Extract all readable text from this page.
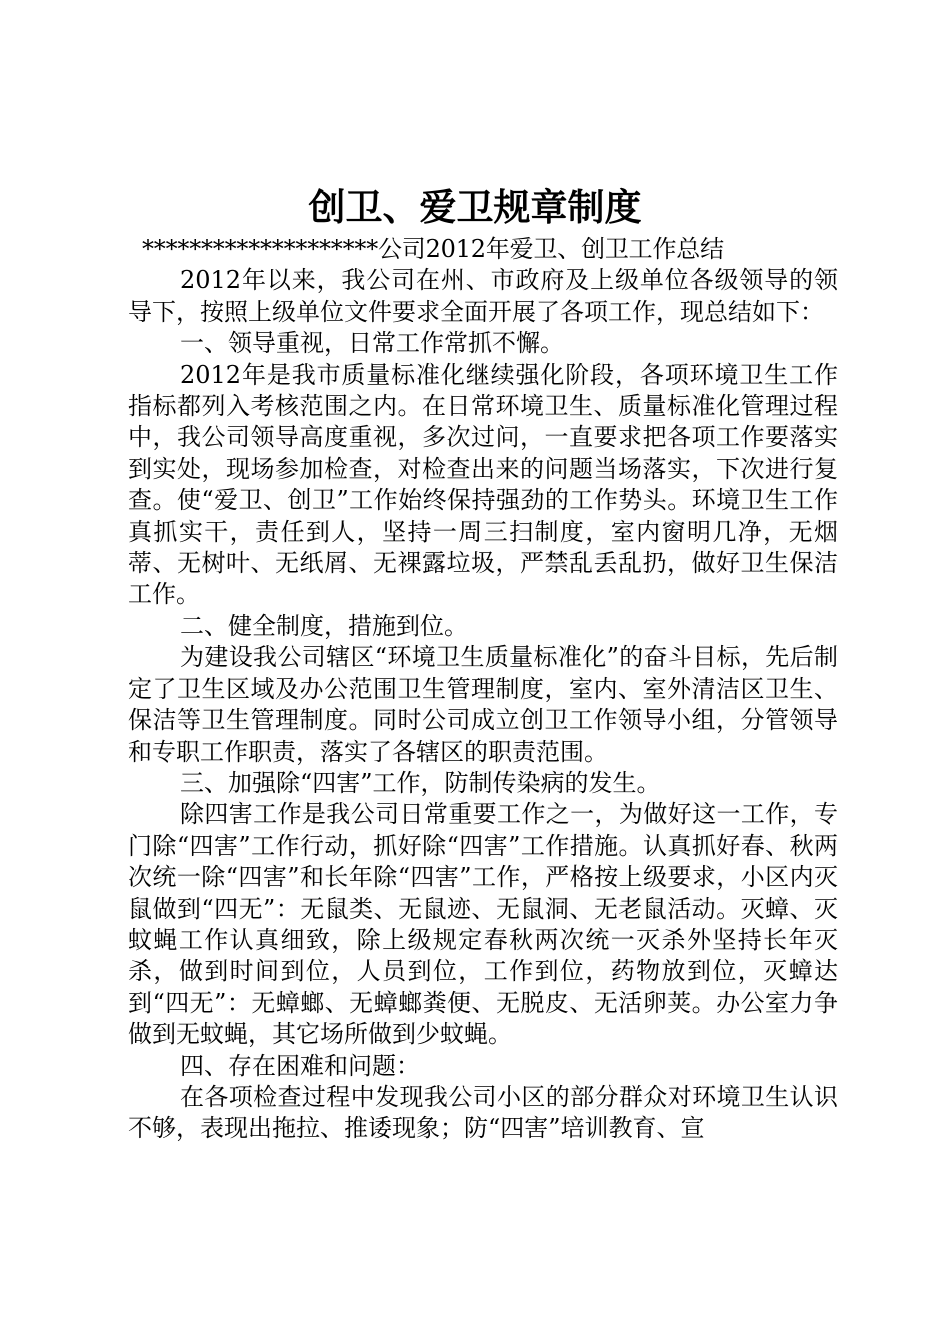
创卫、爱卫规章制度

********************公司2012年爱卫、创卫工作总结

2012年以来，我公司在州、市政府及上级单位各级领导的领导下，按照上级单位文件要求全面开展了各项工作，现总结如下：

一、领导重视，日常工作常抓不懈。

2012年是我市质量标准化继续强化阶段，各项环境卫生工作指标都列入考核范围之内。在日常环境卫生、质量标准化管理过程中，我公司领导高度重视，多次过问，一直要求把各项工作要落实到实处，现场参加检查，对检查出来的问题当场落实，下次进行复查。使“爱卫、创卫”工作始终保持强劲的工作势头。环境卫生工作真抓实干，责任到人，坚持一周三扫制度，室内窗明几净，无烟蒂、无树叶、无纸屑、无裸露垃圾，严禁乱丢乱扔，做好卫生保洁工作。

二、健全制度，措施到位。

为建设我公司辖区“环境卫生质量标准化”的奋斗目标，先后制定了卫生区域及办公范围卫生管理制度，室内、室外清洁区卫生、保洁等卫生管理制度。同时公司成立创卫工作领导小组，分管领导和专职工作职责，落实了各辖区的职责范围。

三、加强除“四害”工作，防制传染病的发生。

除四害工作是我公司日常重要工作之一，为做好这一工作，专门除“四害”工作行动，抓好除“四害”工作措施。认真抓好春、秋两次统一除“四害”和长年除“四害”工作，严格按上级要求，小区内灭鼠做到“四无”：无鼠类、无鼠迹、无鼠洞、无老鼠活动。灭蟑、灭蚊蝇工作认真细致，除上级规定春秋两次统一灭杀外坚持长年灭杀，做到时间到位，人员到位，工作到位，药物放到位，灭蟑达到“四无”：无蟑螂、无蟑螂粪便、无脱皮、无活卵荚。办公室力争做到无蚊蝇，其它场所做到少蚊蝇。

四、存在困难和问题：

在各项检查过程中发现我公司小区的部分群众对环境卫生认识不够，表现出拖拉、推诿现象；防“四害”培训教育、宣
